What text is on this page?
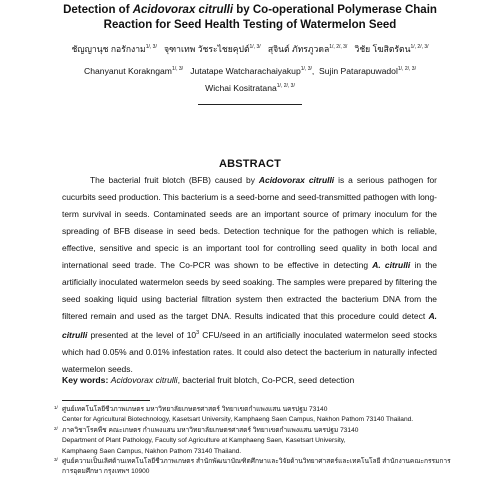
Detection of Acidovorax citrulli by Co-operational Polymerase Chain
Reaction for Seed Health Testing of Watermelon Seed
ชัญญานุช กอรักงาม$^{1/, 3/}$ จุฑาเทพ วัชระไชยคุปต์$^{1/, 3/}$ สุจินต์ ภัทรภูวดล$^{1/, 2/, 3/}$ วิชัย โฆสิตรัตน$^{1/, 2/, 3/}$
Chanyanut Korakngam$^{1/, 3/}$ Jutatape Watcharachaiyakup$^{1/, 3/}$,  Sujin Patarapuwadol$^{1/, 2/, 3/}$
Wichai Kositratana$^{1/, 2/, 3/}$
ABSTRACT

The bacterial fruit blotch (BFB) caused by Acidovorax citrulli is a serious pathogen for cucurbits seed production. This bacterium is a seed-borne and seed-transmitted pathogen with long-term survival in seeds. Contaminated seeds are an important source of primary inoculum for the spreading of BFB disease in seed beds. Detection technique for the pathogen which is reliable, effective, sensitive and specic is an important tool for controlling seed quality in both local and international seed trade. The Co-PCR was shown to be effective in detecting A. citrulli in the artificially inoculated watermelon seeds by seed soaking. The samples were prepared by filtering the seed soaking liquid using bacterial filtration system then extracted the bacterium DNA from the filtered remain and used as the target DNA. Results indicated that this procedure could detect A. citrulli presented at the level of $10^3$ CFU/seed in an artificially inoculated watermelon seed stocks which had 0.05% and 0.01% infestation rates. It could also detect the bacterium in naturally infected watermelon seeds.

Key words: Acidovorax citrulli, bacterial fruit blotch, Co-PCR, seed detection
1/ ศูนย์เทคโนโลยีชีวภาพเกษตร มหาวิทยาลัยเกษตรศาสตร์ วิทยาเขตกำแพงแสน นครปฐม 73140
Center for Agricultural Biotechnology, Kasetsart University, Kamphaeng Saen Campus, Nakhon Pathom 73140 Thailand.
2/ ภาควิชาโรคพืช คณะเกษตร กำแพงแสน มหาวิทยาลัยเกษตรศาสตร์ วิทยาเขตกำแพงแสน นครปฐม 73140
Department of Plant Pathology, Faculty sof Agriculture at Kamphaeng Saen, Kasetsart University,
Kamphaeng Saen Campus, Nakhon Pathom 73140 Thailand.
3/ ศูนย์ความเป็นเลิศด้านเทคโนโลยีชีวภาพเกษตร สำนักพัฒนาบัณฑิตศึกษาและวิจัยด้านวิทยาศาสตร์และเทคโนโลยี สำนักงานคณะกรรมการ
การอุดมศึกษา กรุงเทพฯ 10900
